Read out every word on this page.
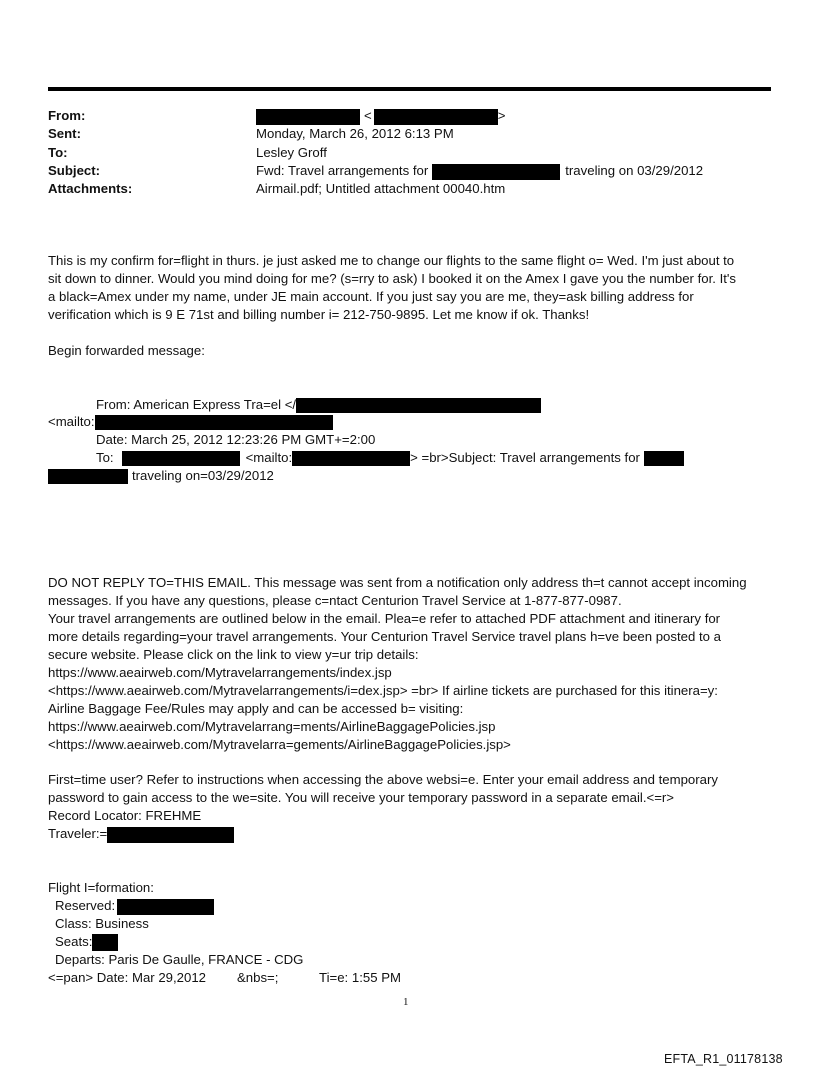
From:	<	>
Sent:	Monday, March 26, 2012 6:13 PM
To:	Lesley Groff
Subject:	Fwd: Travel arrangements for	traveling on 03/29/2012
Attachments:	Airmail.pdf; Untitled attachment 00040.htm
This is my confirm for=flight in thurs. je just asked me to change our flights to the same flight o= Wed. I'm just about to
sit down to dinner. Would you mind doing for me? (s=rry to ask) I booked it on the Amex I gave you the number for. It's
a black=Amex under my name, under JE main account. If you just say you are me, they=ask billing address for
verification which is 9 E 71st and billing number i= 212-750-9895. Let me know if ok. Thanks!
Begin forwarded message:
From: American Express Tra=el </
<mailto:
Date: March 25, 2012 12:23:26 PM GMT+=2:00
To:	<mailto:	> =br>Subject: Travel arrangements for
traveling on=03/29/2012
DO NOT REPLY TO=THIS EMAIL. This message was sent from a notification only address th=t cannot accept incoming
messages. If you have any questions, please c=ntact Centurion Travel Service at 1-877-877-0987.
Your travel arrangements are outlined below in the email. Plea=e refer to attached PDF attachment and itinerary for
more details regarding=your travel arrangements. Your Centurion Travel Service travel plans h=ve been posted to a
secure website. Please click on the link to view y=ur trip details:
https://www.aeairweb.com/Mytravelarrangements/index.jsp
<https://www.aeairweb.com/Mytravelarrangements/i=dex.jsp> =br> If airline tickets are purchased for this itinera=y:
Airline Baggage Fee/Rules may apply and can be accessed b= visiting:
https://www.aeairweb.com/Mytravelarrang=ments/AirlineBaggagePolicies.jsp
<https://www.aeairweb.com/Mytravelarra=gements/AirlineBaggagePolicies.jsp>
First=time user? Refer to instructions when accessing the above websi=e. Enter your email address and temporary
password to gain access to the we=site. You will receive your temporary password in a separate email.<=r>
Record Locator: FREHME
Traveler:=
Flight I=formation:
Reserved:
Class: Business
Seats:
Departs: Paris De Gaulle, FRANCE - CDG
<=pan> Date: Mar 29,2012 &nbs=;	Ti=e: 1:55 PM
1
EFTA_R1_01178138
